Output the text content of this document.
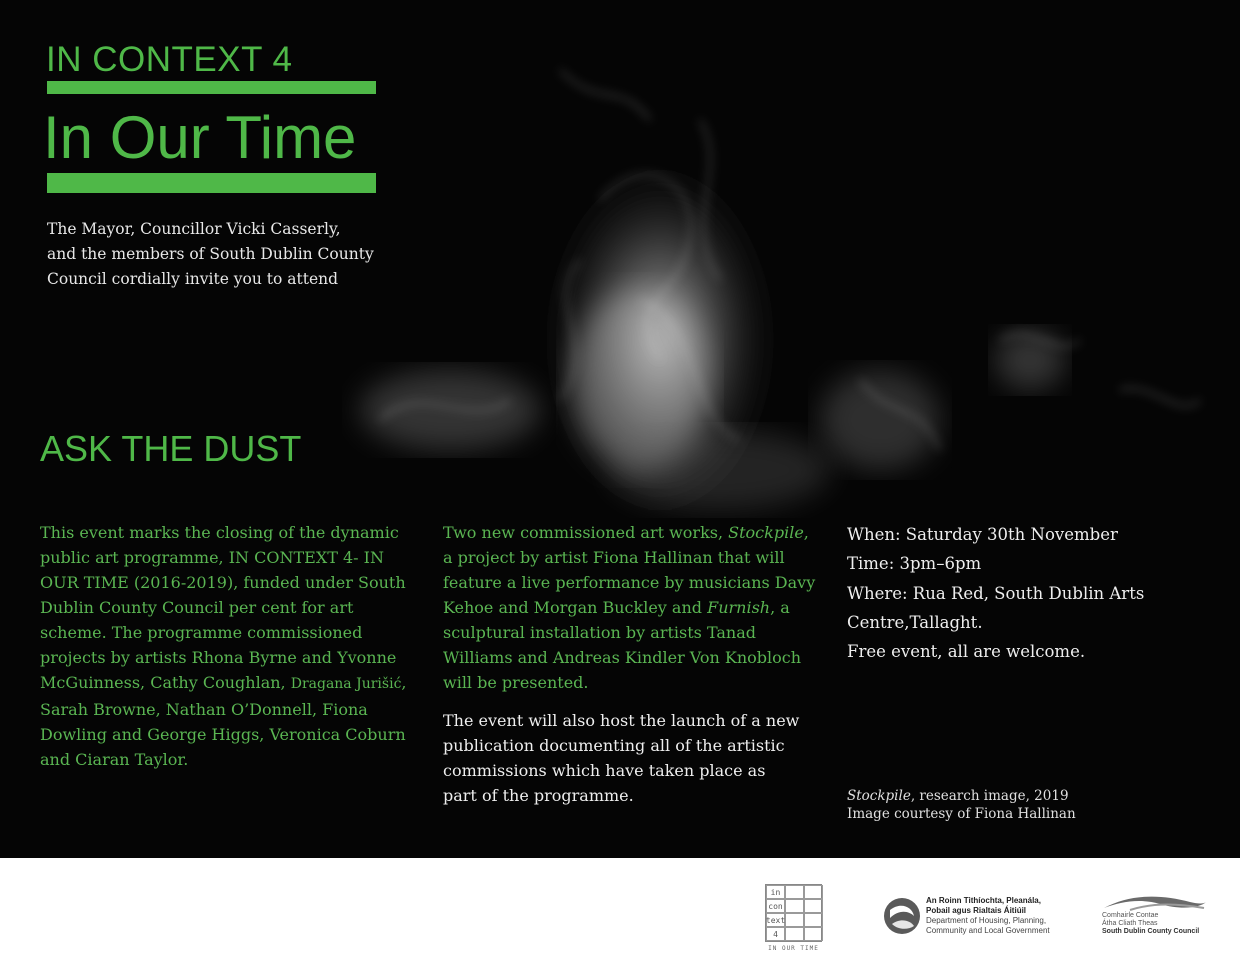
IN CONTEXT 4
In Our Time
The Mayor, Councillor Vicki Casserly,
and the members of South Dublin County
Council cordially invite you to attend
ASK THE DUST
This event marks the closing of the dynamic public art programme, IN CONTEXT 4- IN OUR TIME (2016-2019), funded under South Dublin County Council per cent for art scheme. The programme commissioned projects by artists Rhona Byrne and Yvonne McGuinness, Cathy Coughlan, Dragana Jurišić, Sarah Browne, Nathan O’Donnell, Fiona Dowling and George Higgs, Veronica Coburn and Ciaran Taylor.
Two new commissioned art works, Stockpile, a project by artist Fiona Hallinan that will feature a live performance by musicians Davy Kehoe and Morgan Buckley and Furnish, a sculptural installation by artists Tanad Williams and Andreas Kindler Von Knobloch will be presented.
The event will also host the launch of a new publication documenting all of the artistic commissions which have taken place as part of the programme.
When: Saturday 30th November
Time: 3pm–6pm
Where: Rua Red, South Dublin Arts
Centre,Tallaght.
Free event, all are welcome.
Stockpile, research image, 2019
Image courtesy of Fiona Hallinan
in
con
text
4
IN OUR TIME
An Roinn Tithíochta, Pleanála,
Pobail agus Rialtais Áitiúil
Department of Housing, Planning,
Community and Local Government
Comhairle Contae
Átha Cliath Theas
South Dublin County Council
